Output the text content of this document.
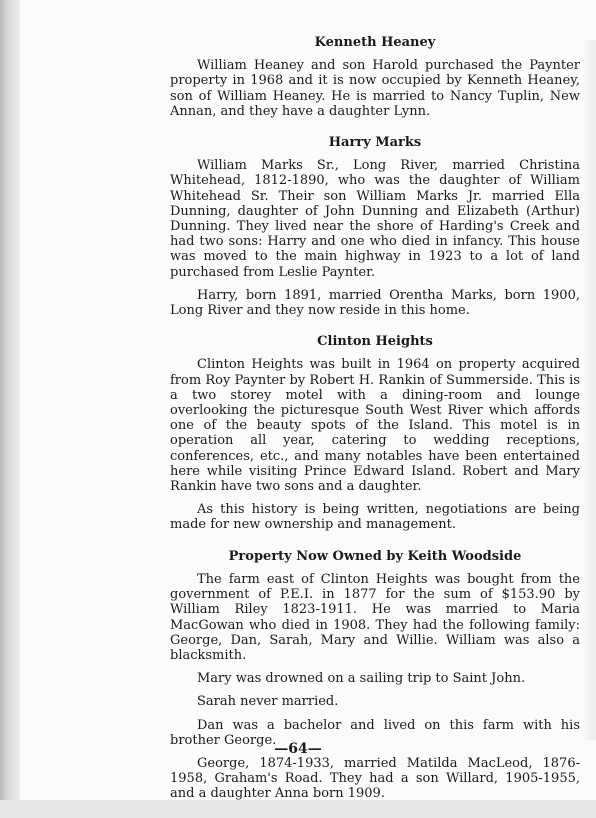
Kenneth Heaney

William Heaney and son Harold purchased the Paynter property in 1968 and it is now occupied by Kenneth Heaney, son of William Heaney. He is married to Nancy Tuplin, New Annan, and they have a daughter Lynn.

Harry Marks

William Marks Sr., Long River, married Christina Whitehead, 1812-1890, who was the daughter of William Whitehead Sr. Their son William Marks Jr. married Ella Dunning, daughter of John Dunning and Elizabeth (Arthur) Dunning. They lived near the shore of Harding's Creek and had two sons: Harry and one who died in infancy. This house was moved to the main highway in 1923 to a lot of land purchased from Leslie Paynter.

Harry, born 1891, married Orentha Marks, born 1900, Long River and they now reside in this home.

Clinton Heights

Clinton Heights was built in 1964 on property acquired from Roy Paynter by Robert H. Rankin of Summerside. This is a two storey motel with a dining-room and lounge overlooking the picturesque South West River which affords one of the beauty spots of the Island. This motel is in operation all year, catering to wedding receptions, conferences, etc., and many notables have been entertained here while visiting Prince Edward Island. Robert and Mary Rankin have two sons and a daughter.

As this history is being written, negotiations are being made for new ownership and management.

Property Now Owned by Keith Woodside

The farm east of Clinton Heights was bought from the government of P.E.I. in 1877 for the sum of $153.90 by William Riley 1823-1911. He was married to Maria MacGowan who died in 1908. They had the following family: George, Dan, Sarah, Mary and Willie. William was also a blacksmith.

Mary was drowned on a sailing trip to Saint John.

Sarah never married.

Dan was a bachelor and lived on this farm with his brother George.

George, 1874-1933, married Matilda MacLeod, 1876-1958, Graham's Road. They had a son Willard, 1905-1955, and a daughter Anna born 1909.

—64—
